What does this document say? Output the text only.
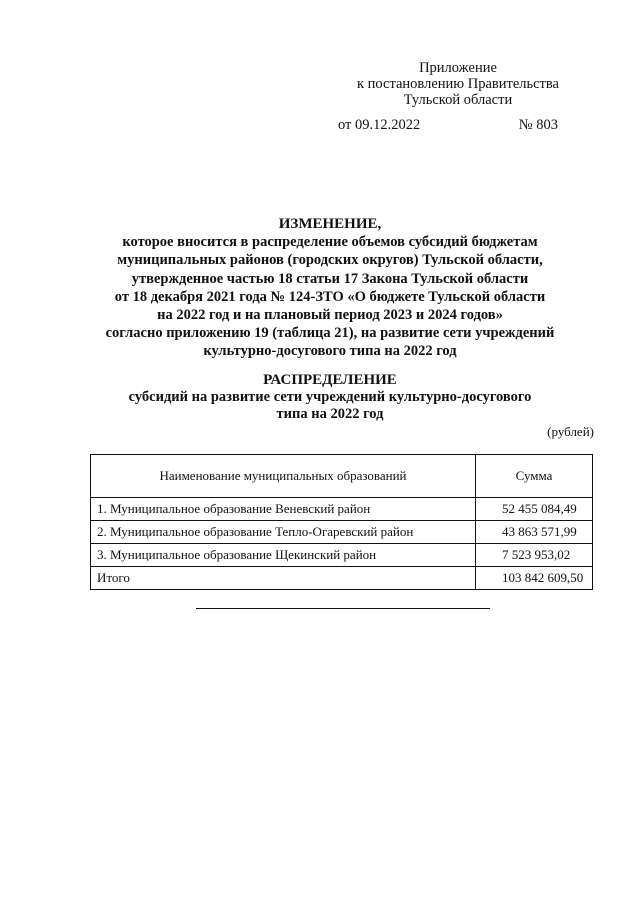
Приложение
к постановлению Правительства
Тульской области
от 09.12.2022	№ 803
ИЗМЕНЕНИЕ,
которое вносится в распределение объемов субсидий бюджетам
муниципальных районов (городских округов) Тульской области,
утвержденное частью 18 статьи 17 Закона Тульской области
от 18 декабря 2021 года № 124-ЗТО «О бюджете Тульской области
на 2022 год и на плановый период 2023 и 2024 годов»
согласно приложению 19 (таблица 21), на развитие сети учреждений
культурно-досугового типа на 2022 год
РАСПРЕДЕЛЕНИЕ
субсидий на развитие сети учреждений культурно-досугового
типа на 2022 год
(рублей)
Наименование муниципальных образований	Сумма
1. Муниципальное образование Веневский район	52 455 084,49
2. Муниципальное образование Тепло-Огаревский район	43 863 571,99
3. Муниципальное образование Щекинский район	7 523 953,02
Итого	103 842 609,50
